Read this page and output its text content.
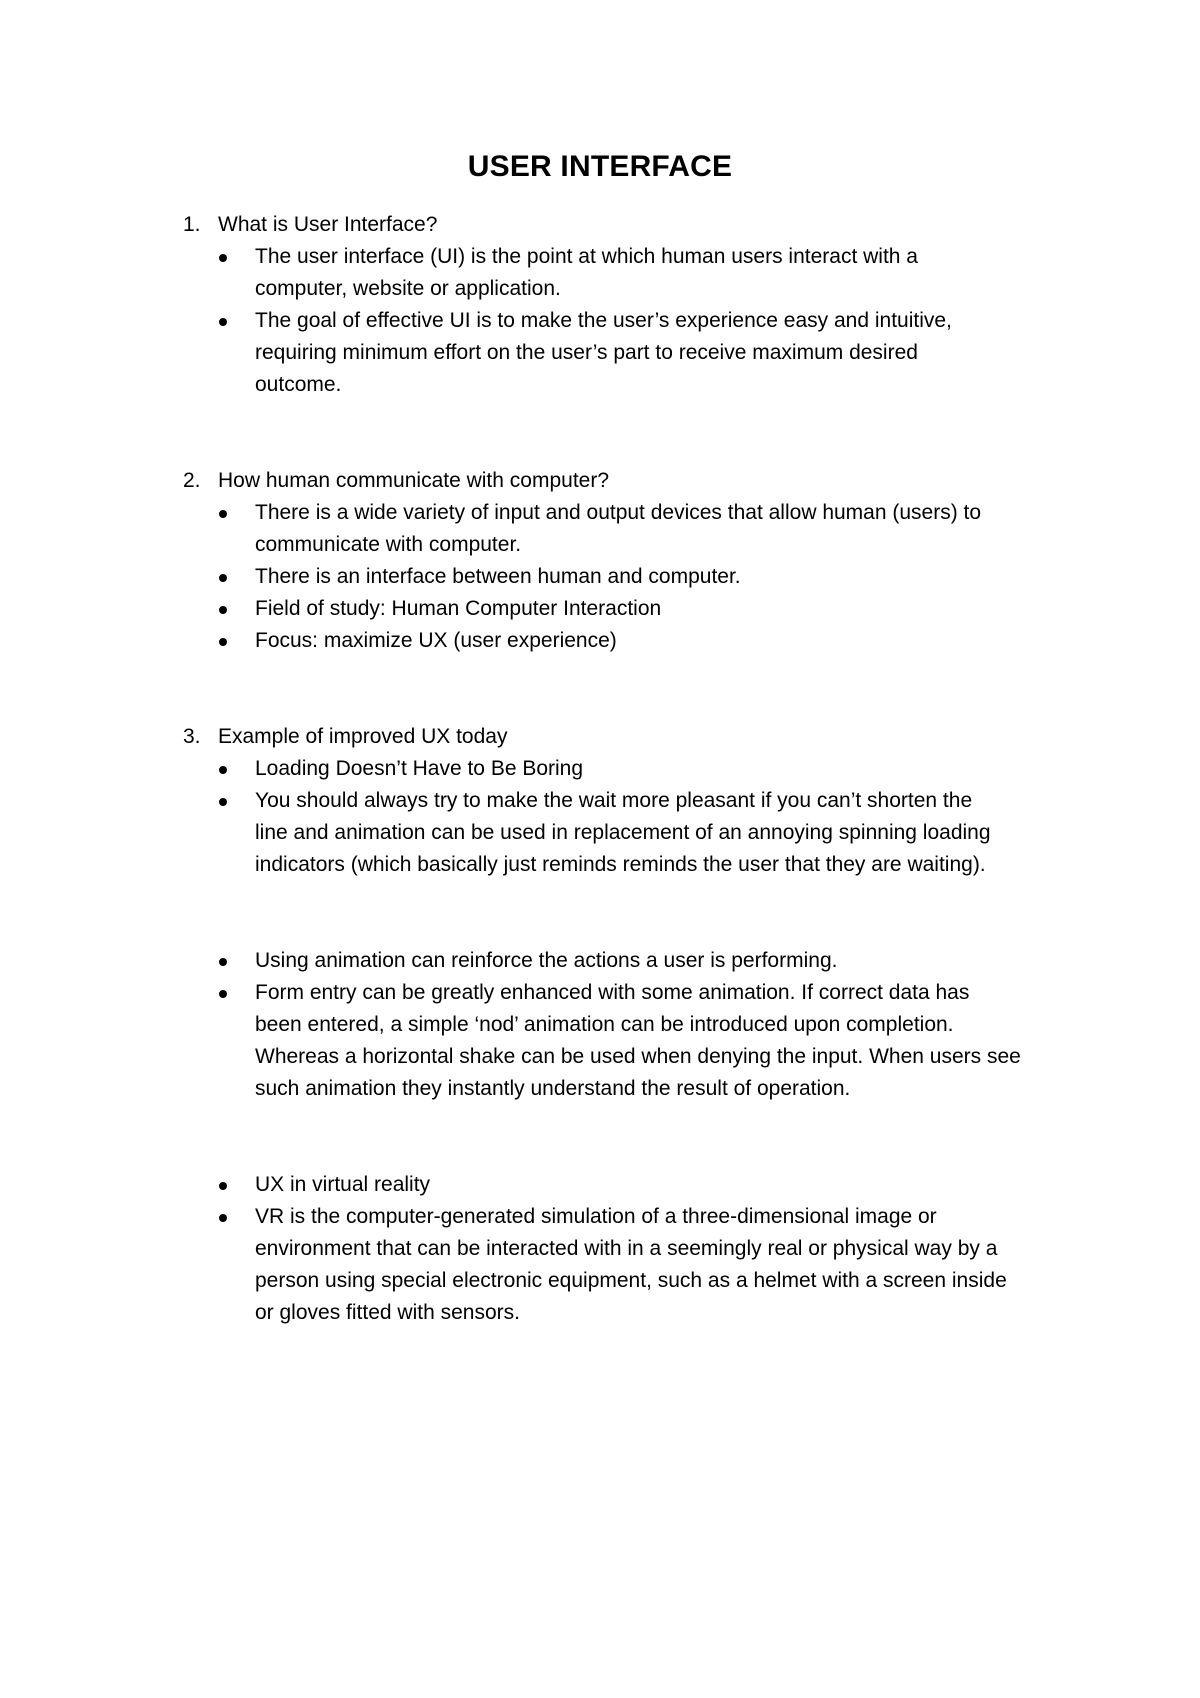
USER INTERFACE
1. What is User Interface?
The user interface (UI) is the point at which human users interact with a
computer, website or application.
The goal of effective UI is to make the user’s experience easy and intuitive,
requiring minimum effort on the user’s part to receive maximum desired
outcome.
2. How human communicate with computer?
There is a wide variety of input and output devices that allow human (users) to
communicate with computer.
There is an interface between human and computer.
Field of study: Human Computer Interaction
Focus: maximize UX (user experience)
3. Example of improved UX today
Loading Doesn’t Have to Be Boring
You should always try to make the wait more pleasant if you can’t shorten the
line and animation can be used in replacement of an annoying spinning loading
indicators (which basically just reminds reminds the user that they are waiting).
Using animation can reinforce the actions a user is performing.
Form entry can be greatly enhanced with some animation. If correct data has
been entered, a simple ‘nod’ animation can be introduced upon completion.
Whereas a horizontal shake can be used when denying the input. When users see
such animation they instantly understand the result of operation.
UX in virtual reality
VR is the computer-generated simulation of a three-dimensional image or
environment that can be interacted with in a seemingly real or physical way by a
person using special electronic equipment, such as a helmet with a screen inside
or gloves fitted with sensors.
